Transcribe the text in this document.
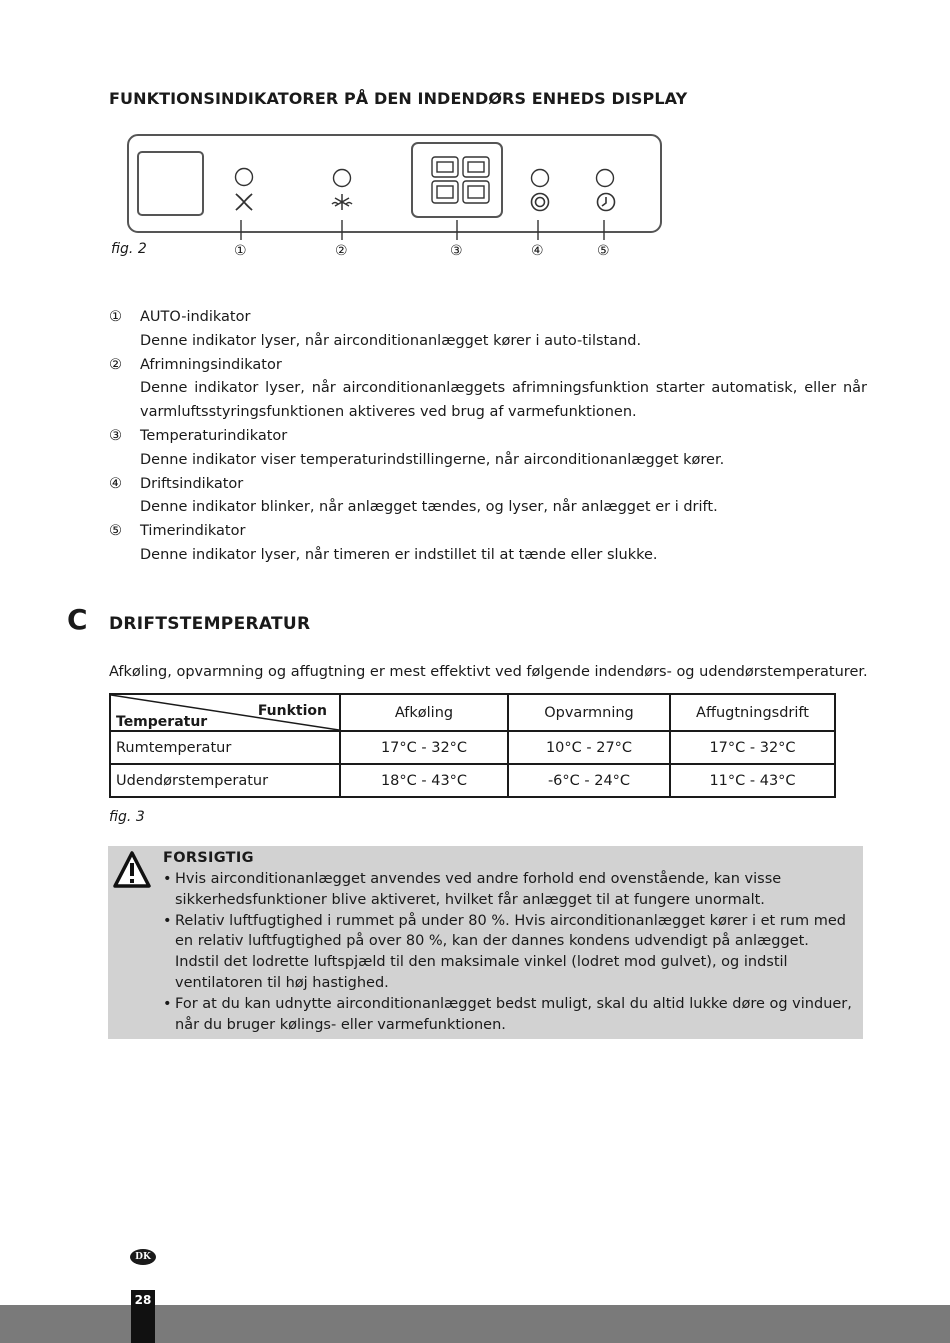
FUNKTIONSINDIKATORER PÅ DEN INDENDØRS ENHEDS DISPLAY
fig. 2	①	②	③	④	⑤
① AUTO-indikator
Denne indikator lyser, når airconditionanlægget kører i auto-tilstand.
② Afrimningsindikator
Denne indikator lyser, når airconditionanlæggets afrimningsfunktion starter automatisk, eller når varmluftsstyringsfunktionen aktiveres ved brug af varmefunktionen.
③ Temperaturindikator
Denne indikator viser temperaturindstillingerne, når airconditionanlægget kører.
④ Driftsindikator
Denne indikator blinker, når anlægget tændes, og lyser, når anlægget er i drift.
⑤ Timerindikator
Denne indikator lyser, når timeren er indstillet til at tænde eller slukke.
C DRIFTSTEMPERATUR
Afkøling, opvarmning og affugtning er mest effektivt ved følgende indendørs- og udendørstemperaturer.
Funktion
Temperatur	Afkøling	Opvarmning	Affugtningsdrift
Rumtemperatur	17°C - 32°C	10°C - 27°C	17°C - 32°C
Udendørstemperatur	18°C - 43°C	-6°C - 24°C	11°C - 43°C
fig. 3
FORSIGTIG
• Hvis airconditionanlægget anvendes ved andre forhold end ovenstående, kan visse sikkerhedsfunktioner blive aktiveret, hvilket får anlægget til at fungere unormalt.
• Relativ luftfugtighed i rummet på under 80 %. Hvis airconditionanlægget kører i et rum med en relativ luftfugtighed på over 80 %, kan der dannes kondens udvendigt på anlægget. Indstil det lodrette luftspjæld til den maksimale vinkel (lodret mod gulvet), og indstil ventilatoren til høj hastighed.
• For at du kan udnytte airconditionanlægget bedst muligt, skal du altid lukke døre og vinduer, når du bruger kølings- eller varmefunktionen.
DK
28
